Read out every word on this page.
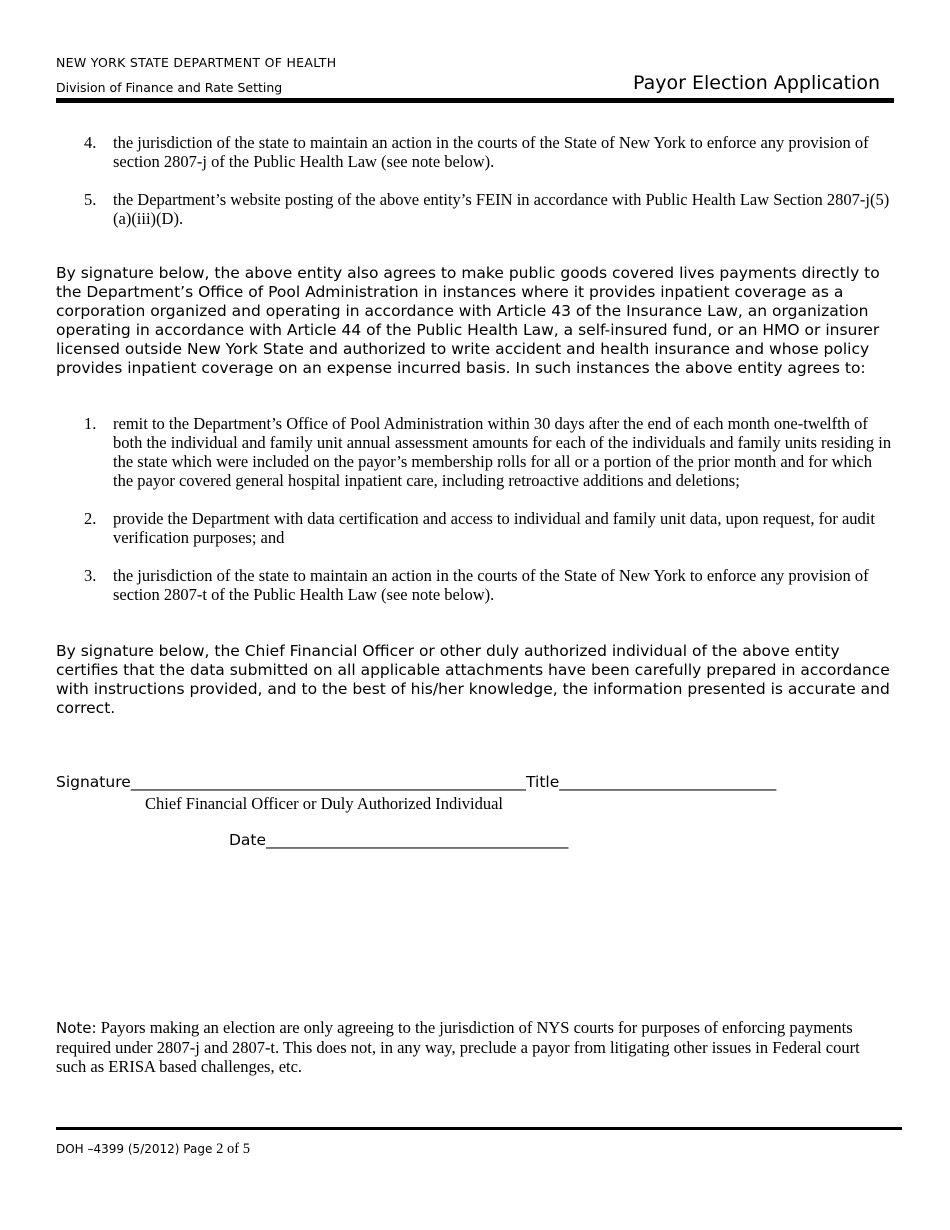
NEW YORK STATE DEPARTMENT OF HEALTH
Division of Finance and Rate Setting	Payor Election Application
4. the jurisdiction of the state to maintain an action in the courts of the State of New York to enforce any provision of section 2807-j of the Public Health Law (see note below).
5. the Department’s website posting of the above entity’s FEIN in accordance with Public Health Law Section 2807-j(5)(a)(iii)(D).

By signature below, the above entity also agrees to make public goods covered lives payments directly to the Department’s Office of Pool Administration in instances where it provides inpatient coverage as a corporation organized and operating in accordance with Article 43 of the Insurance Law, an organization operating in accordance with Article 44 of the Public Health Law, a self-insured fund, or an HMO or insurer licensed outside New York State and authorized to write accident and health insurance and whose policy provides inpatient coverage on an expense incurred basis. In such instances the above entity agrees to:

1. remit to the Department’s Office of Pool Administration within 30 days after the end of each month one-twelfth of both the individual and family unit annual assessment amounts for each of the individuals and family units residing in the state which were included on the payor’s membership rolls for all or a portion of the prior month and for which the payor covered general hospital inpatient care, including retroactive additions and deletions;
2. provide the Department with data certification and access to individual and family unit data, upon request, for audit verification purposes; and
3. the jurisdiction of the state to maintain an action in the courts of the State of New York to enforce any provision of section 2807-t of the Public Health Law (see note below).

By signature below, the Chief Financial Officer or other duly authorized individual of the above entity certifies that the data submitted on all applicable attachments have been carefully prepared in accordance with instructions provided, and to the best of his/her knowledge, the information presented is accurate and correct.

Signature___________________________________________________Title____________________________
Chief Financial Officer or Duly Authorized Individual
Date_______________________________________
Note: Payors making an election are only agreeing to the jurisdiction of NYS courts for purposes of enforcing payments required under 2807-j and 2807-t. This does not, in any way, preclude a payor from litigating other issues in Federal court such as ERISA based challenges, etc.
DOH –4399 (5/2012) Page 2 of 5
